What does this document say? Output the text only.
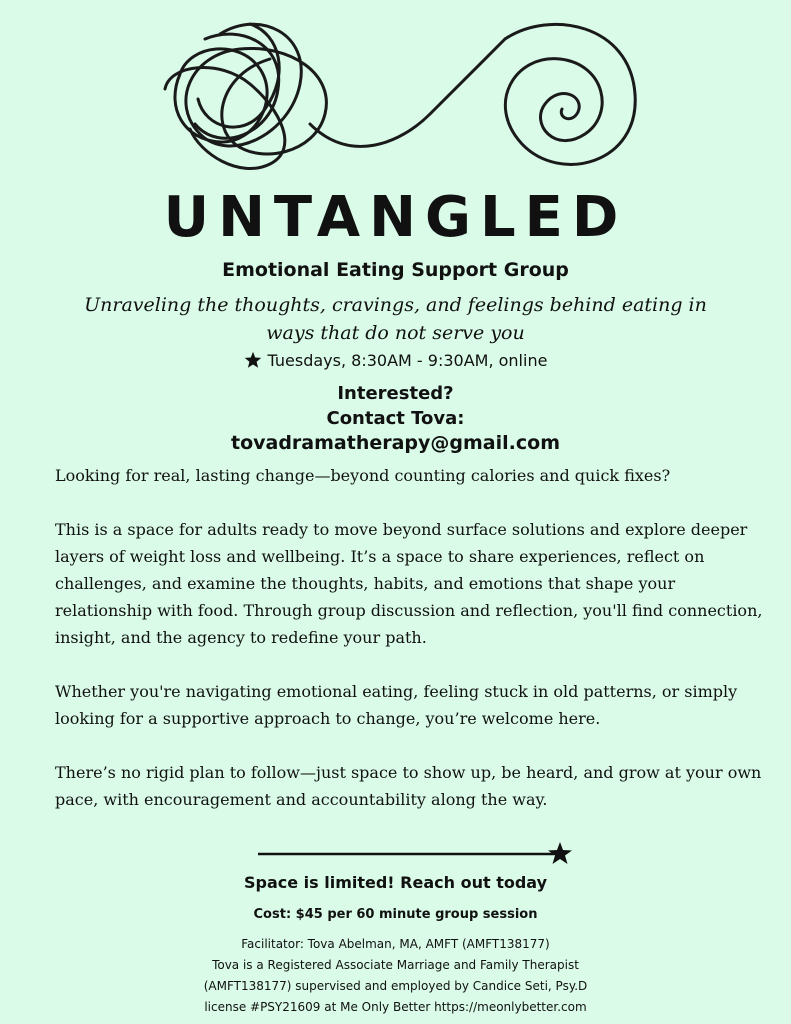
UNTANGLED
Emotional Eating Support Group
Unraveling the thoughts, cravings, and feelings behind eating in ways that do not serve you
Tuesdays, 8:30AM - 9:30AM, online
Interested?
Contact Tova:
tovadramatherapy@gmail.com

Looking for real, lasting change—beyond counting calories and quick fixes?

This is a space for adults ready to move beyond surface solutions and explore deeper layers of weight loss and wellbeing. It’s a space to share experiences, reflect on challenges, and examine the thoughts, habits, and emotions that shape your relationship with food. Through group discussion and reflection, you'll find connection, insight, and the agency to redefine your path.

Whether you're navigating emotional eating, feeling stuck in old patterns, or simply looking for a supportive approach to change, you’re welcome here.

There’s no rigid plan to follow—just space to show up, be heard, and grow at your own pace, with encouragement and accountability along the way.

Space is limited! Reach out today
Cost: $45 per 60 minute group session
Facilitator: Tova Abelman, MA, AMFT (AMFT138177)
Tova is a Registered Associate Marriage and Family Therapist
(AMFT138177) supervised and employed by Candice Seti, Psy.D
license #PSY21609 at Me Only Better https://meonlybetter.com
